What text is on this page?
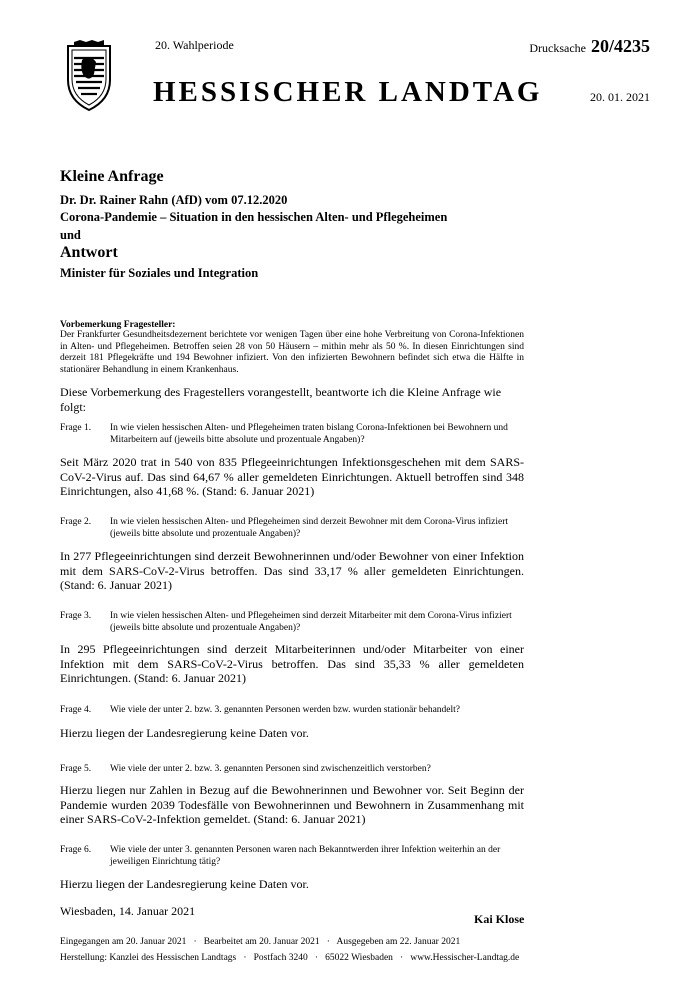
20. Wahlperiode
HESSISCHER LANDTAG
Drucksache 20/4235
20. 01. 2021
Kleine Anfrage
Dr. Dr. Rainer Rahn (AfD) vom 07.12.2020
Corona-Pandemie – Situation in den hessischen Alten- und Pflegeheimen
und
Antwort
Minister für Soziales und Integration
Vorbemerkung Fragesteller:
Der Frankfurter Gesundheitsdezernent berichtete vor wenigen Tagen über eine hohe Verbreitung von Corona-Infektionen in Alten- und Pflegeheimen. Betroffen seien 28 von 50 Häusern – mithin mehr als 50 %. In diesen Einrichtungen sind derzeit 181 Pflegekräfte und 194 Bewohner infiziert. Von den infizierten Bewohnern befindet sich etwa die Hälfte in stationärer Behandlung in einem Krankenhaus.
Diese Vorbemerkung des Fragestellers vorangestellt, beantworte ich die Kleine Anfrage wie folgt:
Frage 1. In wie vielen hessischen Alten- und Pflegeheimen traten bislang Corona-Infektionen bei Bewohnern und Mitarbeitern auf (jeweils bitte absolute und prozentuale Angaben)?
Seit März 2020 trat in 540 von 835 Pflegeeinrichtungen Infektionsgeschehen mit dem SARS-CoV-2-Virus auf. Das sind 64,67 % aller gemeldeten Einrichtungen. Aktuell betroffen sind 348 Einrichtungen, also 41,68 %. (Stand: 6. Januar 2021)
Frage 2. In wie vielen hessischen Alten- und Pflegeheimen sind derzeit Bewohner mit dem Corona-Virus infiziert (jeweils bitte absolute und prozentuale Angaben)?
In 277 Pflegeeinrichtungen sind derzeit Bewohnerinnen und/oder Bewohner von einer Infektion mit dem SARS-CoV-2-Virus betroffen. Das sind 33,17 % aller gemeldeten Einrichtungen. (Stand: 6. Januar 2021)
Frage 3. In wie vielen hessischen Alten- und Pflegeheimen sind derzeit Mitarbeiter mit dem Corona-Virus infiziert (jeweils bitte absolute und prozentuale Angaben)?
In 295 Pflegeeinrichtungen sind derzeit Mitarbeiterinnen und/oder Mitarbeiter von einer Infektion mit dem SARS-CoV-2-Virus betroffen. Das sind 35,33 % aller gemeldeten Einrichtungen. (Stand: 6. Januar 2021)
Frage 4. Wie viele der unter 2. bzw. 3. genannten Personen werden bzw. wurden stationär behandelt?
Hierzu liegen der Landesregierung keine Daten vor.
Frage 5. Wie viele der unter 2. bzw. 3. genannten Personen sind zwischenzeitlich verstorben?
Hierzu liegen nur Zahlen in Bezug auf die Bewohnerinnen und Bewohner vor. Seit Beginn der Pandemie wurden 2039 Todesfälle von Bewohnerinnen und Bewohnern in Zusammenhang mit einer SARS-CoV-2-Infektion gemeldet. (Stand: 6. Januar 2021)
Frage 6. Wie viele der unter 3. genannten Personen waren nach Bekanntwerden ihrer Infektion weiterhin an der jeweiligen Einrichtung tätig?
Hierzu liegen der Landesregierung keine Daten vor.
Wiesbaden, 14. Januar 2021
Kai Klose
Eingegangen am 20. Januar 2021   ·   Bearbeitet am 20. Januar 2021   ·   Ausgegeben am 22. Januar 2021
Herstellung: Kanzlei des Hessischen Landtags   ·   Postfach 3240   ·   65022 Wiesbaden   ·   www.Hessischer-Landtag.de
